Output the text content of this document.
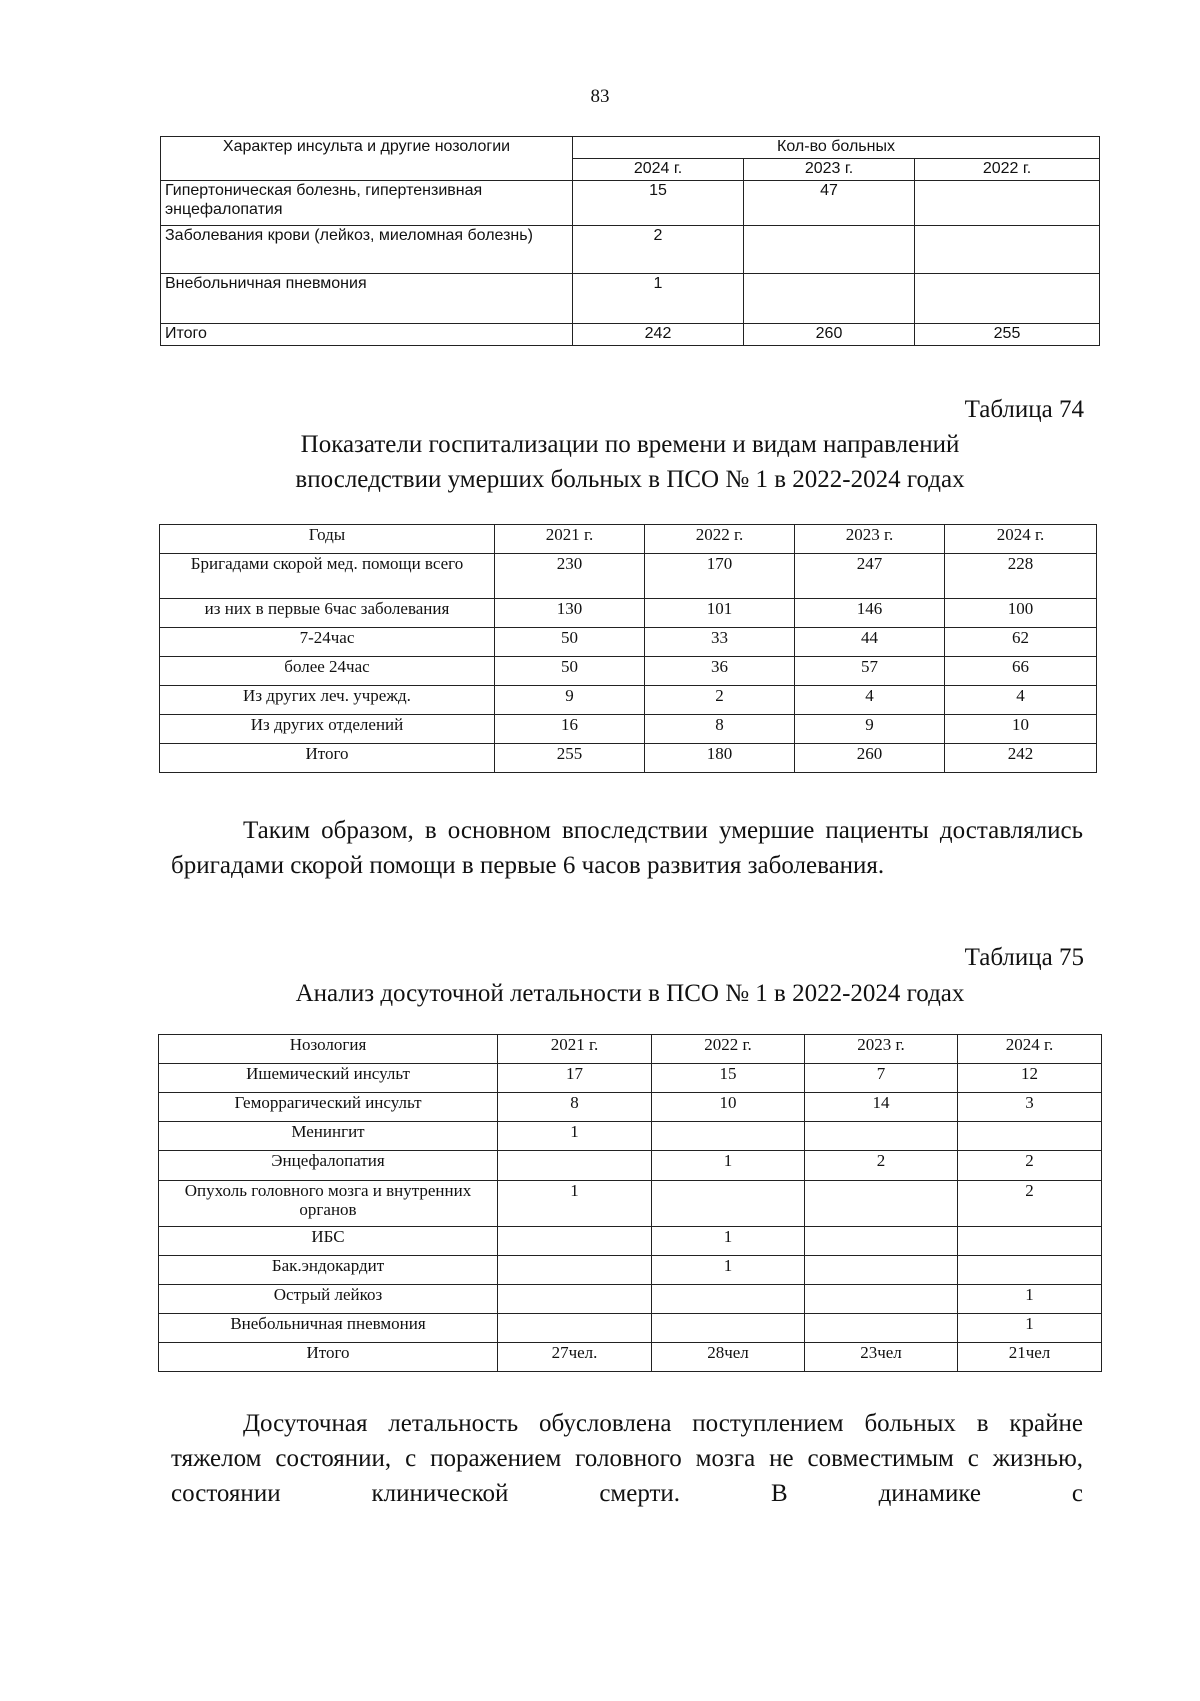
83
Характер инсульта и другие нозологии	Кол-во больных		
	2024 г.	2023 г.	2022 г.
Гипертоническая болезнь, гипертензивная энцефалопатия	15	47	
Заболевания крови (лейкоз, миеломная болезнь)	2		
Внебольничная пневмония	1		
Итого	242	260	255
Таблица 74
Показатели госпитализации по времени и видам направлений
впоследствии умерших больных в ПСО № 1 в 2022-2024 годах
Годы	2021 г.	2022 г.	2023 г.	2024 г.
Бригадами скорой мед. помощи всего	230	170	247	228
из них в первые 6час заболевания	130	101	146	100
7-24час	50	33	44	62
более 24час	50	36	57	66
Из других леч. учрежд.	9	2	4	4
Из других отделений	16	8	9	10
Итого	255	180	260	242

Таким образом, в основном впоследствии умершие пациенты доставлялись бригадами скорой помощи в первые 6 часов развития заболевания.

Таблица 75
Анализ досуточной летальности в ПСО № 1 в 2022-2024 годах
Нозология	2021 г.	2022 г.	2023 г.	2024 г.
Ишемический инсульт	17	15	7	12
Геморрагический инсульт	8	10	14	3
Менингит	1			
Энцефалопатия		1	2	2
Опухоль головного мозга и внутренних органов	1			2
ИБС		1		
Бак.эндокардит		1		
Острый лейкоз				1
Внебольничная пневмония				1
Итого	27чел.	28чел	23чел	21чел

Досуточная летальность обусловлена поступлением больных в крайне тяжелом состоянии, с поражением головного мозга не совместимым с жизнью, состоянии клинической смерти. В динамике с
